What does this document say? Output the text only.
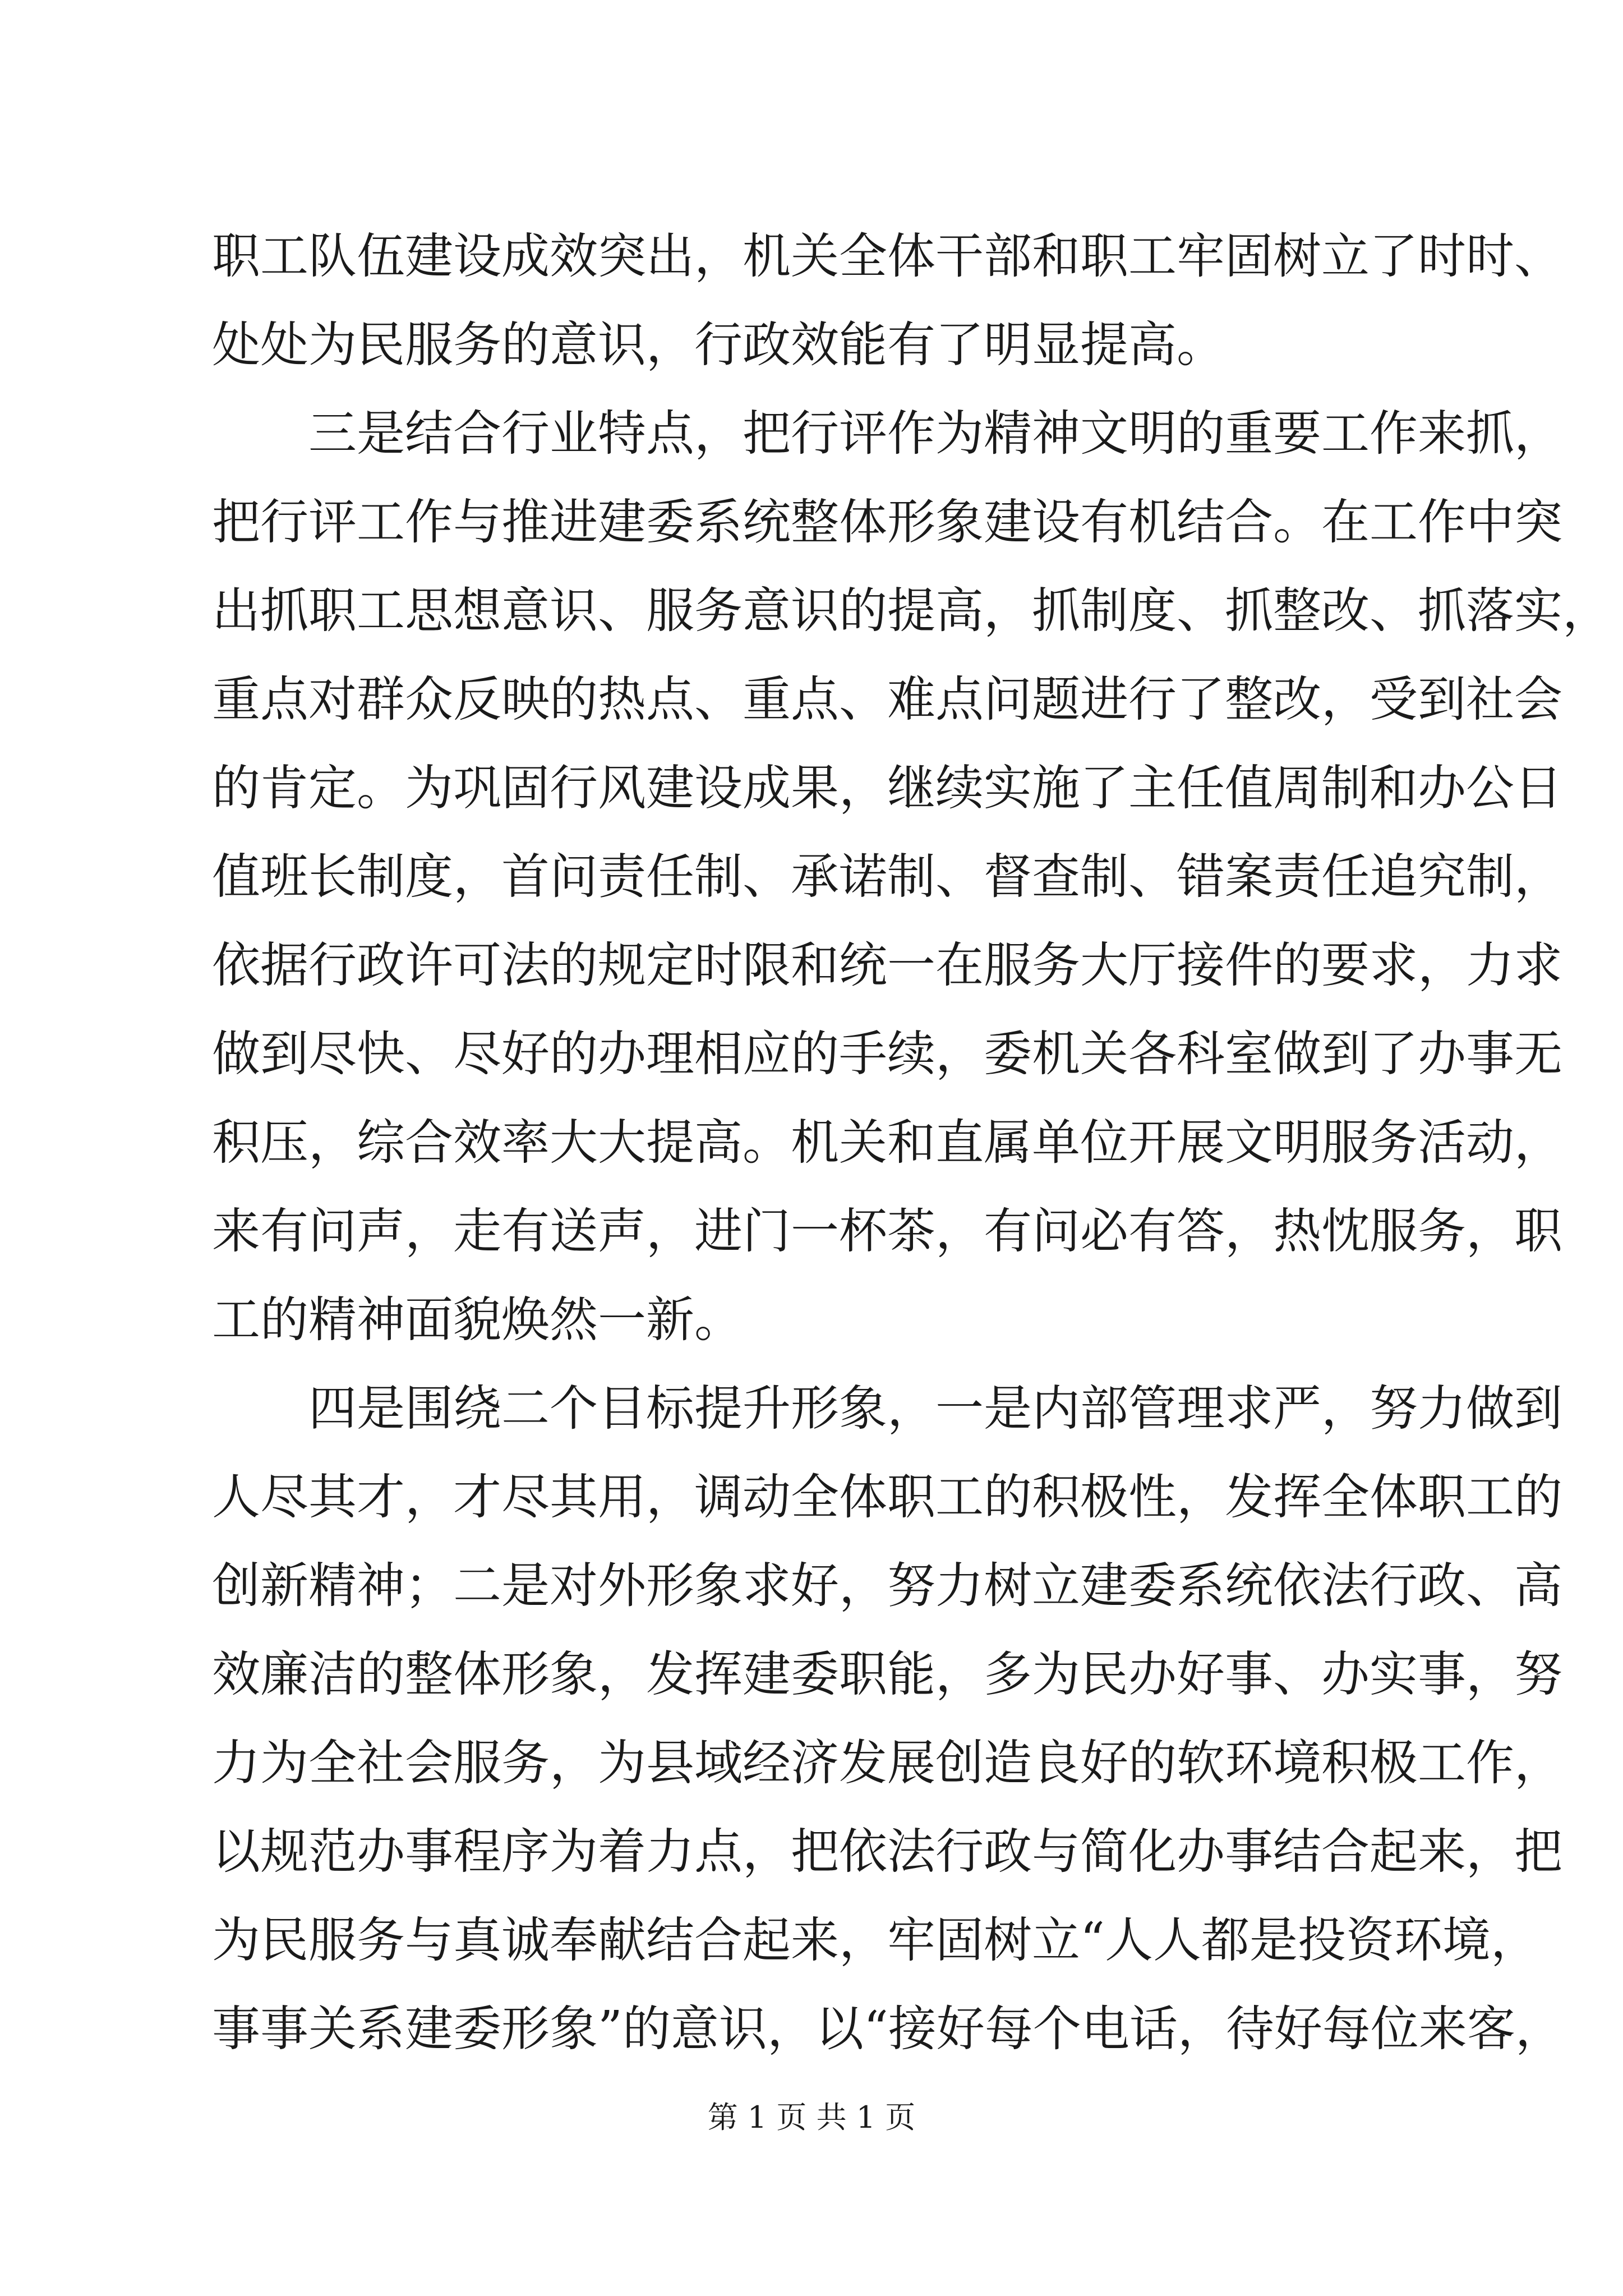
职工队伍建设成效突出，机关全体干部和职工牢固树立了时时、
处处为民服务的意识，行政效能有了明显提高。
三是结合行业特点，把行评作为精神文明的重要工作来抓，
把行评工作与推进建委系统整体形象建设有机结合。在工作中突
出抓职工思想意识、服务意识的提高，抓制度、抓整改、抓落实，
重点对群众反映的热点、重点、难点问题进行了整改，受到社会
的肯定。为巩固行风建设成果，继续实施了主任值周制和办公日
值班长制度，首问责任制、承诺制、督查制、错案责任追究制，
依据行政许可法的规定时限和统一在服务大厅接件的要求，力求
做到尽快、尽好的办理相应的手续，委机关各科室做到了办事无
积压，综合效率大大提高。机关和直属单位开展文明服务活动，
来有问声，走有送声，进门一杯茶，有问必有答，热忱服务，职
工的精神面貌焕然一新。
四是围绕二个目标提升形象，一是内部管理求严，努力做到
人尽其才，才尽其用，调动全体职工的积极性，发挥全体职工的
创新精神；二是对外形象求好，努力树立建委系统依法行政、高
效廉洁的整体形象，发挥建委职能，多为民办好事、办实事，努
力为全社会服务，为县域经济发展创造良好的软环境积极工作，
以规范办事程序为着力点，把依法行政与简化办事结合起来，把
为民服务与真诚奉献结合起来，牢固树立“人人都是投资环境，
事事关系建委形象”的意识，以“接好每个电话，待好每位来客，
第 1 页 共 1 页
